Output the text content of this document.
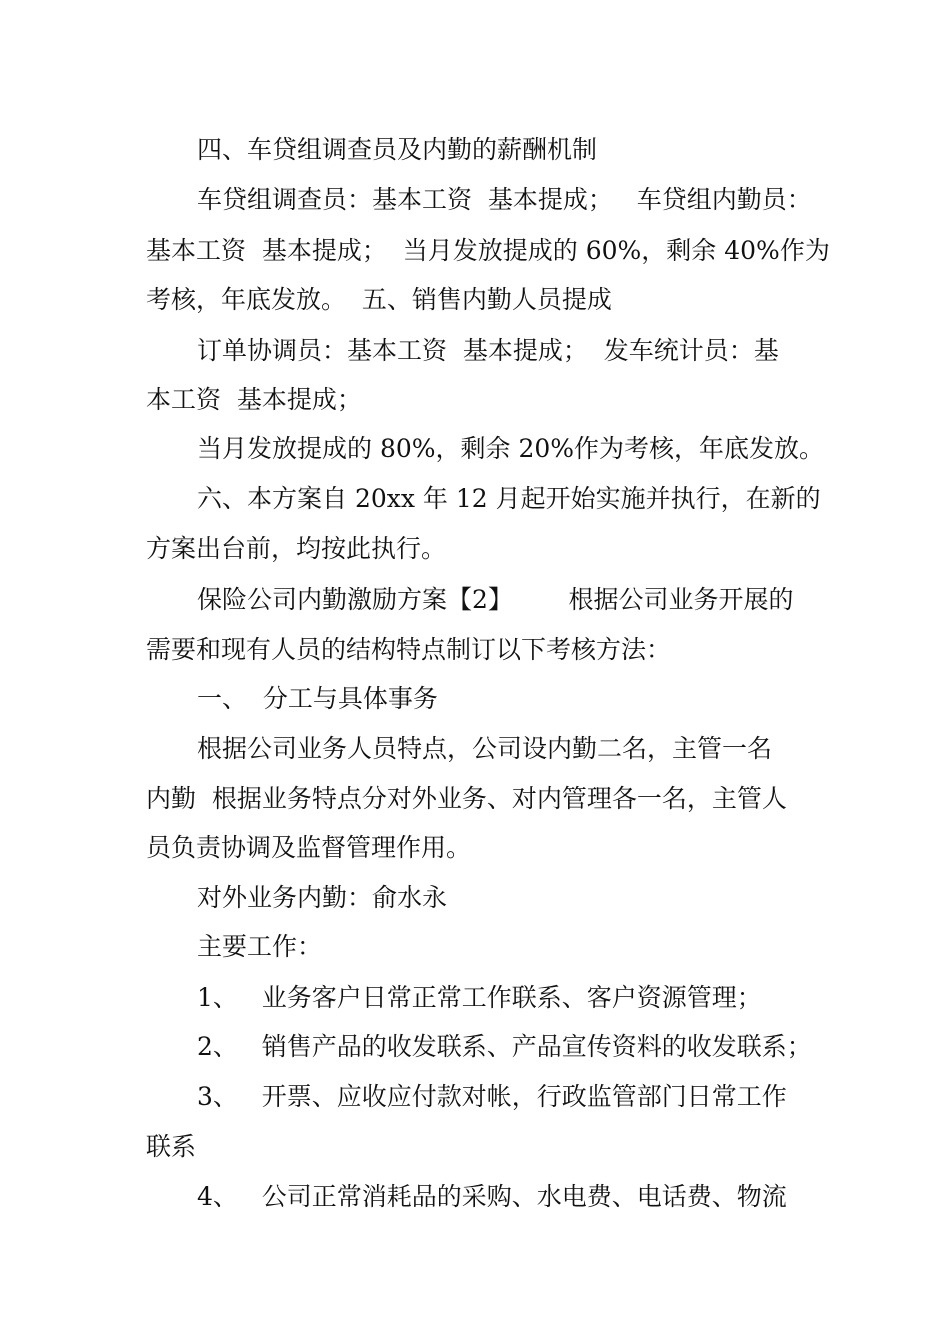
四、车贷组调查员及内勤的薪酬机制
车贷组调查员：基本工资  基本提成；   车贷组内勤员：
基本工资  基本提成；  当月发放提成的 60%，剩余 40%作为
考核，年底发放。  五、销售内勤人员提成
订单协调员：基本工资  基本提成；  发车统计员：基
本工资  基本提成；
当月发放提成的 80%，剩余 20%作为考核，年底发放。
六、本方案自 20xx 年 12 月起开始实施并执行，在新的
方案出台前，均按此执行。
保险公司内勤激励方案【2】       根据公司业务开展的
需要和现有人员的结构特点制订以下考核方法：
一、  分工与具体事务
根据公司业务人员特点，公司设内勤二名，主管一名
内勤  根据业务特点分对外业务、对内管理各一名，主管人
员负责协调及监督管理作用。
对外业务内勤：俞水永
主要工作：
1、   业务客户日常正常工作联系、客户资源管理；
2、   销售产品的收发联系、产品宣传资料的收发联系；
3、   开票、应收应付款对帐，行政监管部门日常工作
联系
4、   公司正常消耗品的采购、水电费、电话费、物流
